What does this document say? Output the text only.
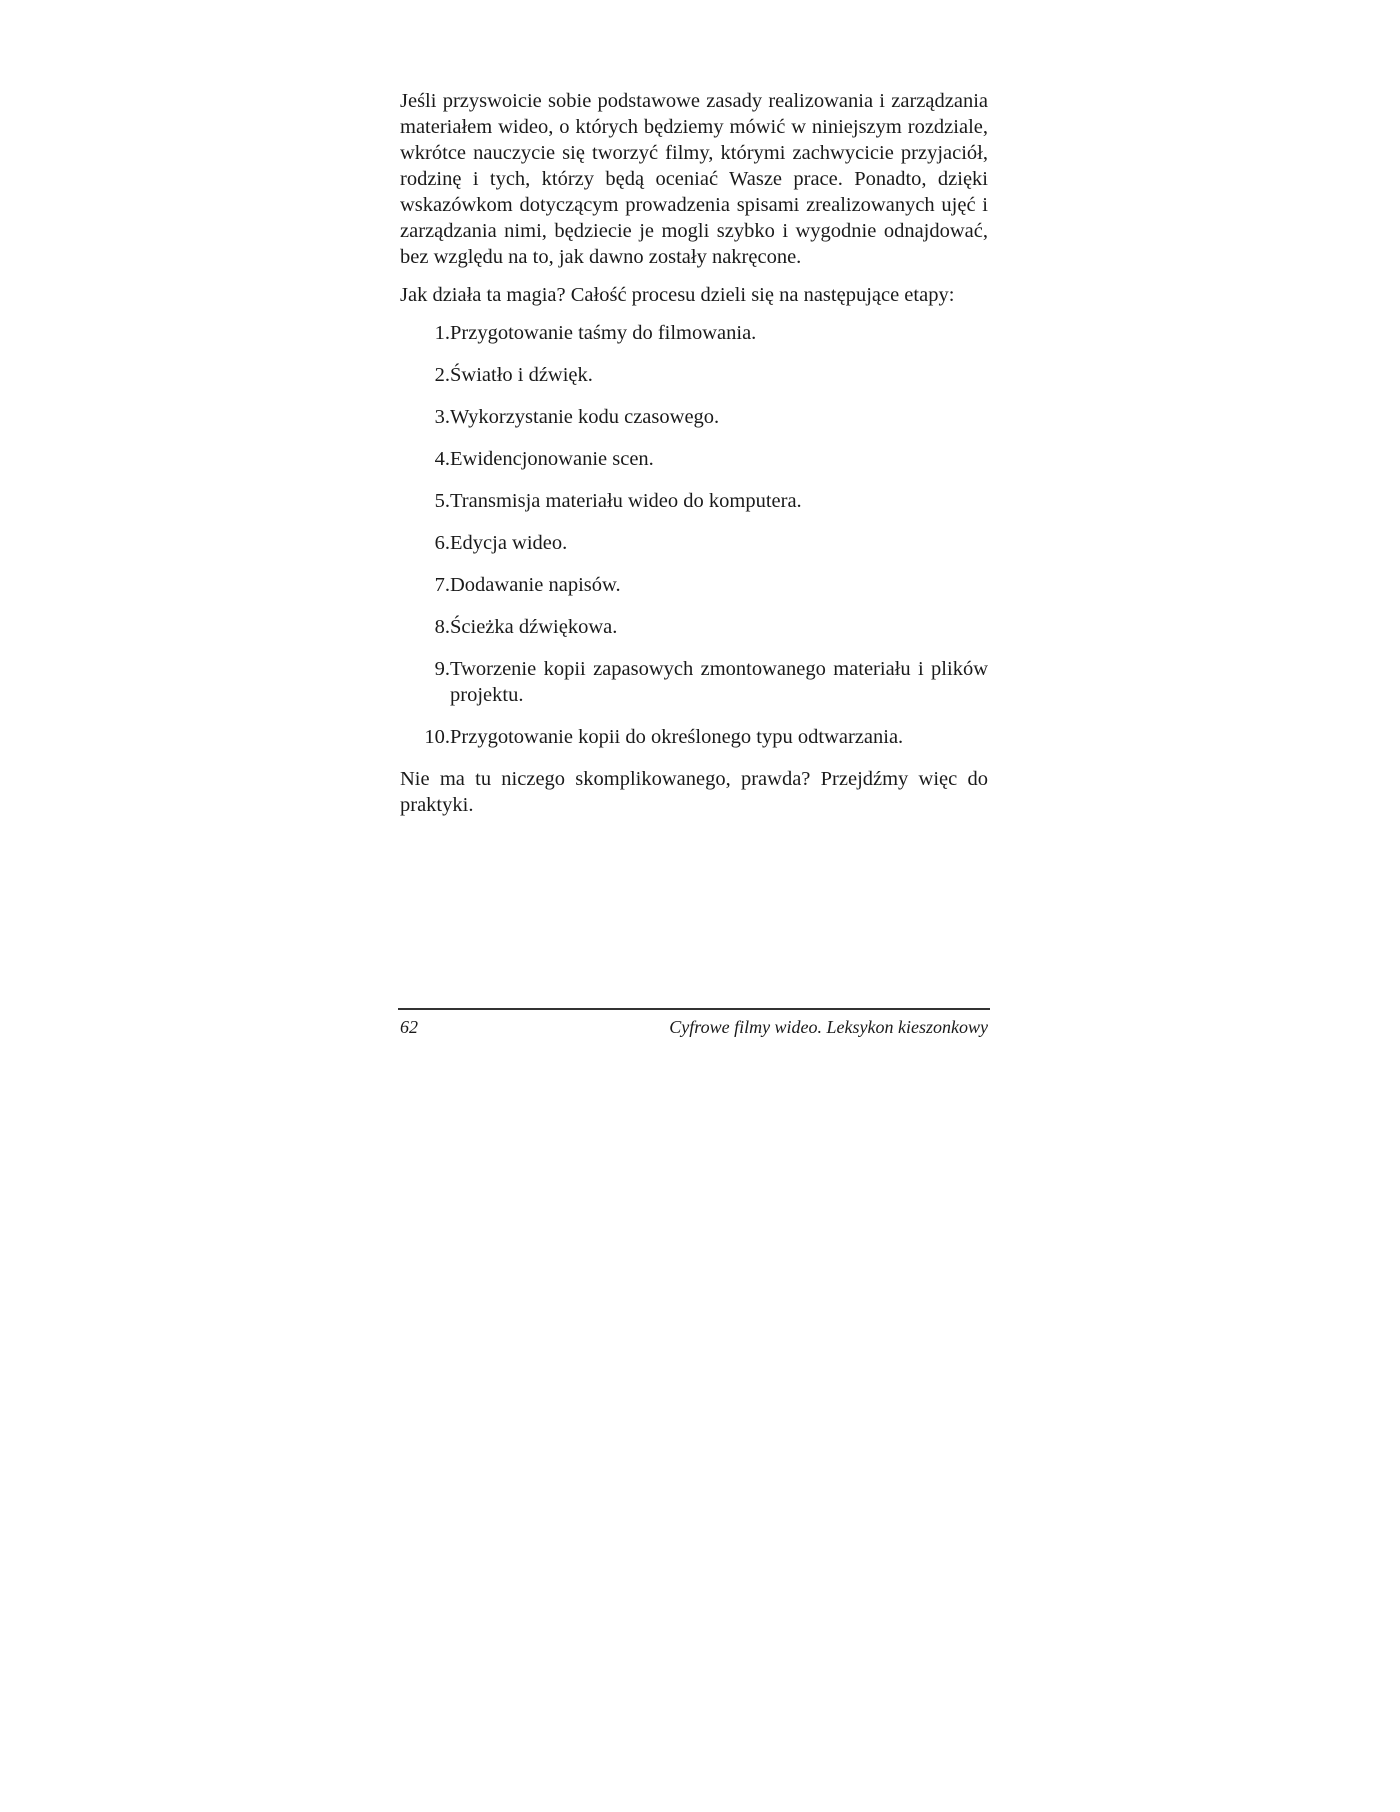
Jeśli przyswoicie sobie podstawowe zasady realizowania i zarządzania materiałem wideo, o których będziemy mówić w niniejszym rozdziale, wkrótce nauczycie się tworzyć filmy, którymi zachwycicie przyjaciół, rodzinę i tych, którzy będą oceniać Wasze prace. Ponadto, dzięki wskazówkom dotyczącym prowadzenia spisami zrealizowanych ujęć i zarządzania nimi, będziecie je mogli szybko i wygodnie odnajdować, bez względu na to, jak dawno zostały nakręcone.

Jak działa ta magia? Całość procesu dzieli się na następujące etapy:

1. Przygotowanie taśmy do filmowania.
2. Światło i dźwięk.
3. Wykorzystanie kodu czasowego.
4. Ewidencjonowanie scen.
5. Transmisja materiału wideo do komputera.
6. Edycja wideo.
7. Dodawanie napisów.
8. Ścieżka dźwiękowa.
9. Tworzenie kopii zapasowych zmontowanego materiału i plików projektu.
10. Przygotowanie kopii do określonego typu odtwarzania.

Nie ma tu niczego skomplikowanego, prawda? Przejdźmy więc do praktyki.

62	Cyfrowe filmy wideo. Leksykon kieszonkowy
